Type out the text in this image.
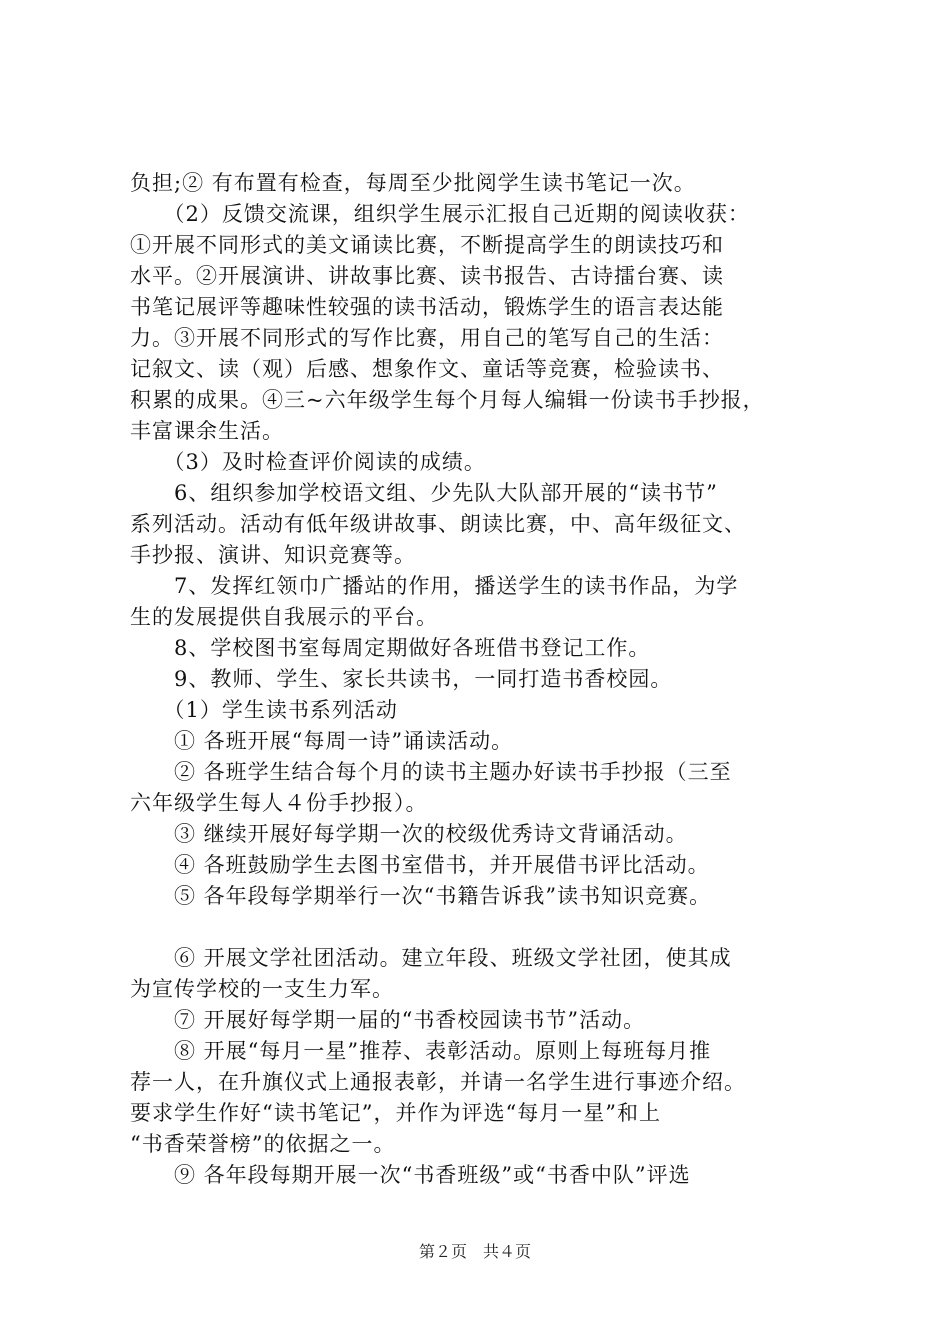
负担;② 有布置有检查，每周至少批阅学生读书笔记一次。
　　（2）反馈交流课，组织学生展示汇报自己近期的阅读收获：
①开展不同形式的美文诵读比赛，不断提高学生的朗读技巧和
水平。②开展演讲、讲故事比赛、读书报告、古诗擂台赛、读
书笔记展评等趣味性较强的读书活动，锻炼学生的语言表达能
力。③开展不同形式的写作比赛，用自己的笔写自己的生活：
记叙文、读（观）后感、想象作文、童话等竞赛，检验读书、
积累的成果。④三~六年级学生每个月每人编辑一份读书手抄报，
丰富课余生活。
　　（3）及时检查评价阅读的成绩。
　　6、组织参加学校语文组、少先队大队部开展的“读书节”
系列活动。活动有低年级讲故事、朗读比赛，中、高年级征文、
手抄报、演讲、知识竞赛等。
　　7、发挥红领巾广播站的作用，播送学生的读书作品，为学
生的发展提供自我展示的平台。
　　8、学校图书室每周定期做好各班借书登记工作。
　　9、教师、学生、家长共读书，一同打造书香校园。
　　（1）学生读书系列活动
　　① 各班开展“每周一诗”诵读活动。
　　② 各班学生结合每个月的读书主题办好读书手抄报（三至
六年级学生每人４份手抄报）。
　　③ 继续开展好每学期一次的校级优秀诗文背诵活动。
　　④ 各班鼓励学生去图书室借书，并开展借书评比活动。
　　⑤ 各年段每学期举行一次“书籍告诉我”读书知识竞赛。
　　⑥ 开展文学社团活动。建立年段、班级文学社团，使其成
为宣传学校的一支生力军。
　　⑦ 开展好每学期一届的“书香校园读书节”活动。
　　⑧ 开展“每月一星”推荐、表彰活动。原则上每班每月推
荐一人，在升旗仪式上通报表彰，并请一名学生进行事迹介绍。
要求学生作好“读书笔记”，并作为评选“每月一星”和上
“书香荣誉榜”的依据之一。
　　⑨ 各年段每期开展一次“书香班级”或“书香中队”评选
第２页　共４页
